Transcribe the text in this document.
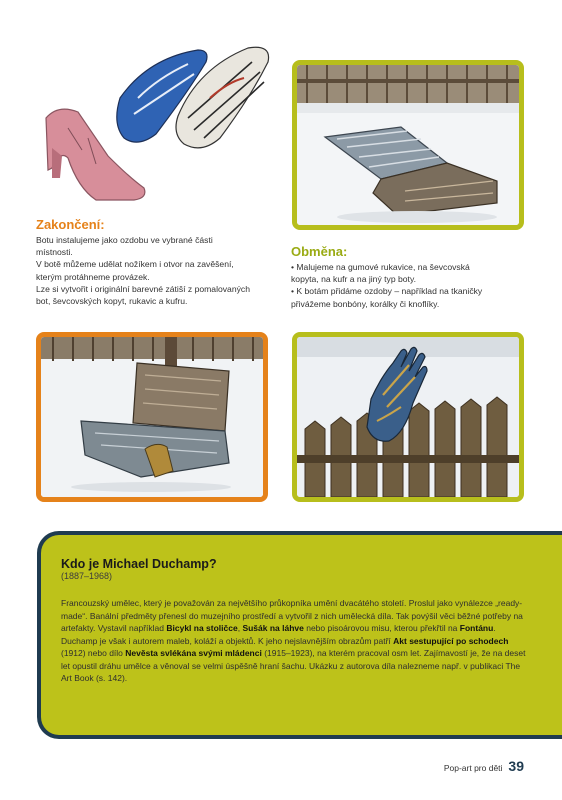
Zakončení:

Botu instalujeme jako ozdobu ve vybrané části

místnosti.

V botě můžeme udělat nožíkem i otvor na zavěšení,

kterým protáhneme provázek.

Lze si vytvořit i originální barevné zátiší z pomalovaných

bot, ševcovských kopyt, rukavic a kufru.

Obměna:

• Malujeme na gumové rukavice, na ševcovská

kopyta, na kufr a na jiný typ boty.

• K botám přidáme ozdoby – například na tkaničky

přivážeme bonbóny, korálky či knoflíky.

Kdo je Michael Duchamp?
(1887–1968)
Francouzský umělec, který je považován za největšího průkopníka umění dvacátého století. Proslul jako vynálezce „ready-made“. Banální předměty přenesl do muzejního prostředí a vytvořil z nich umělecká díla. Tak povýšil věci běžné potřeby na artefakty. Vystavil například Bicykl na stoličce, Sušák na láhve nebo pisoárovou misu, kterou překřtil na Fontánu.
Duchamp je však i autorem maleb, koláží a objektů. K jeho nejslavnějším obrazům patří Akt sestupující po schodech (1912) nebo dílo Nevěsta svlékána svými mládenci (1915–1923), na kterém pracoval osm let. Zajímavostí je, že na deset let opustil dráhu umělce a věnoval se velmi úspěšně hraní šachu. Ukázku z autorova díla nalezneme např. v publikaci The Art Book (s. 142).
Pop-art pro děti 39
